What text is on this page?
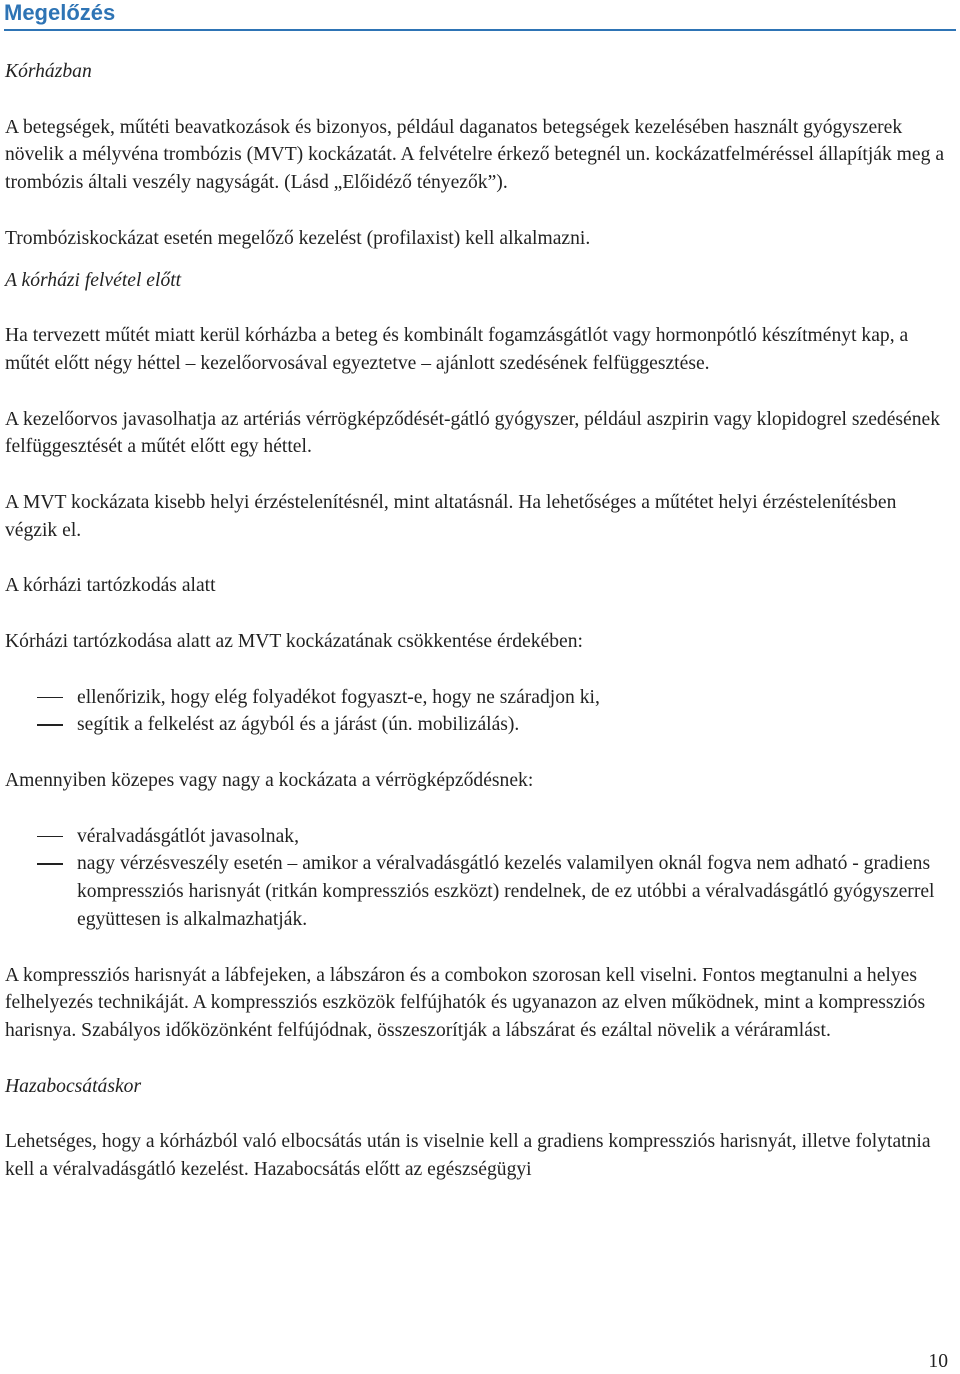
Megelőzés

Kórházban

A betegségek, műtéti beavatkozások és bizonyos, például daganatos betegségek kezelésében használt gyógyszerek növelik a mélyvéna trombózis (MVT) kockázatát. A felvételre érkező betegnél un. kockázatfelméréssel állapítják meg a trombózis általi veszély nagyságát. (Lásd „Előidéző tényezők”).

Trombóziskockázat esetén megelőző kezelést (profilaxist) kell alkalmazni.

A kórházi felvétel előtt

Ha tervezett műtét miatt kerül kórházba a beteg és kombinált fogamzásgátlót vagy hormonpótló készítményt kap, a műtét előtt négy héttel – kezelőorvosával egyeztetve – ajánlott szedésének felfüggesztése.

A kezelőorvos javasolhatja az artériás vérrögképződését-gátló gyógyszer, például aszpirin vagy klopidogrel szedésének felfüggesztését a műtét előtt egy héttel.

A MVT kockázata kisebb helyi érzéstelenítésnél, mint altatásnál. Ha lehetőséges a műtétet helyi érzéstelenítésben végzik el.

A kórházi tartózkodás alatt

Kórházi tartózkodása alatt az MVT kockázatának csökkentése érdekében:

ellenőrizik, hogy elég folyadékot fogyaszt-e, hogy ne száradjon ki,
segítik a felkelést az ágyból és a járást (ún. mobilizálás).

Amennyiben közepes vagy nagy a kockázata a vérrögképződésnek:

véralvadásgátlót javasolnak,
nagy vérzésveszély esetén – amikor a véralvadásgátló kezelés valamilyen oknál fogva nem adható - gradiens kompressziós harisnyát (ritkán kompressziós eszközt) rendelnek, de ez utóbbi a véralvadásgátló gyógyszerrel együttesen is alkalmazhatják.

A kompressziós harisnyát a lábfejeken, a lábszáron és a combokon szorosan kell viselni. Fontos megtanulni a helyes felhelyezés technikáját. A kompressziós eszközök felfújhatók és ugyanazon az elven működnek, mint a kompressziós harisnya. Szabályos időközönként felfújódnak, összeszorítják a lábszárat és ezáltal növelik a véráramlást.

Hazabocsátáskor

Lehetséges, hogy a kórházból való elbocsátás után is viselnie kell a gradiens kompressziós harisnyát, illetve folytatnia kell a véralvadásgátló kezelést. Hazabocsátás előtt az egészségügyi

10
